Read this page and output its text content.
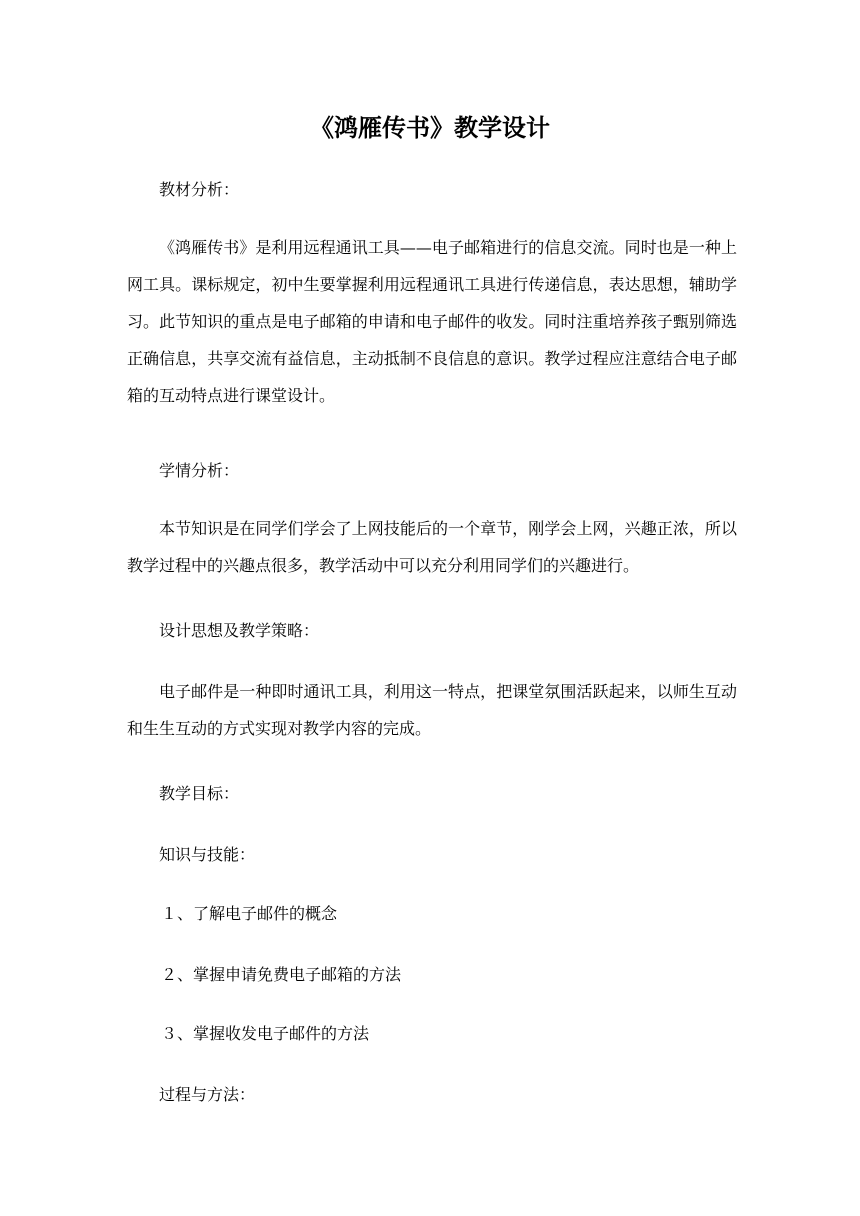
《鸿雁传书》教学设计
教材分析：

《鸿雁传书》是利用远程通讯工具——电子邮箱进行的信息交流。同时也是一种上网工具。课标规定，初中生要掌握利用远程通讯工具进行传递信息，表达思想，辅助学习。此节知识的重点是电子邮箱的申请和电子邮件的收发。同时注重培养孩子甄别筛选正确信息，共享交流有益信息，主动抵制不良信息的意识。教学过程应注意结合电子邮箱的互动特点进行课堂设计。

学情分析：

本节知识是在同学们学会了上网技能后的一个章节，刚学会上网，兴趣正浓，所以教学过程中的兴趣点很多，教学活动中可以充分利用同学们的兴趣进行。

设计思想及教学策略：

电子邮件是一种即时通讯工具，利用这一特点，把课堂氛围活跃起来，以师生互动和生生互动的方式实现对教学内容的完成。

教学目标：
知识与技能：
１、了解电子邮件的概念
２、掌握申请免费电子邮箱的方法
３、掌握收发电子邮件的方法
过程与方法：
